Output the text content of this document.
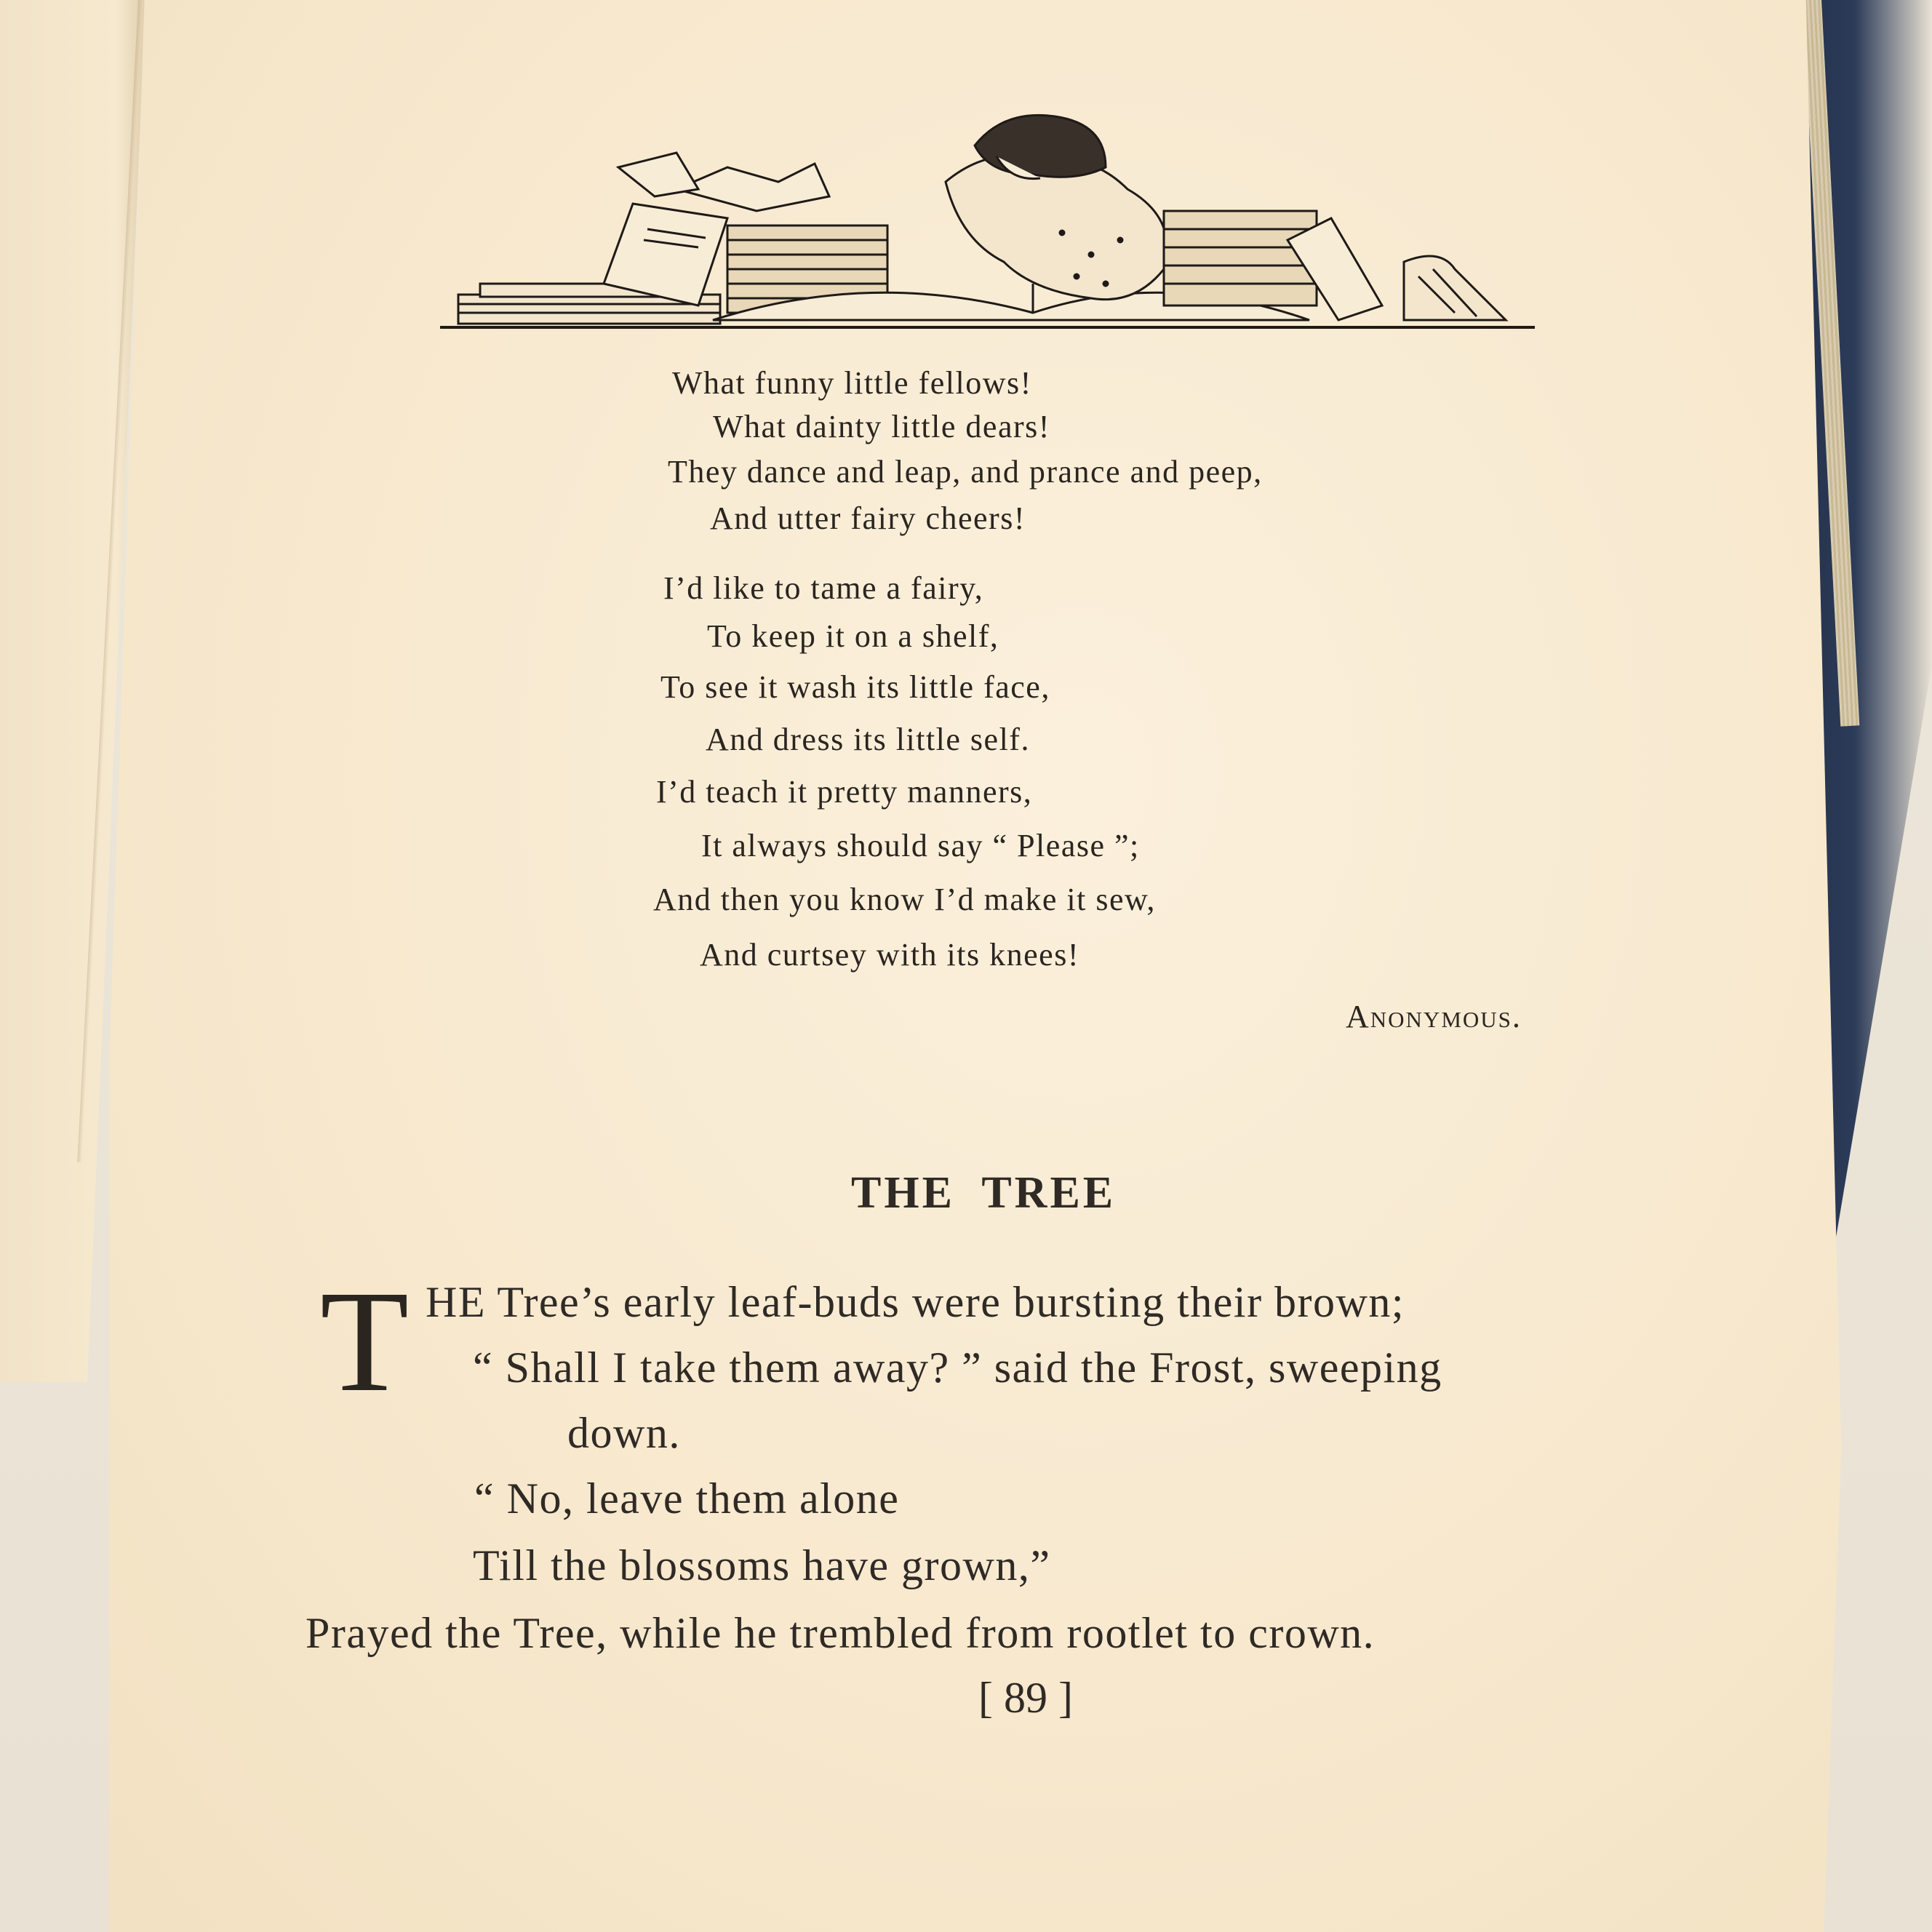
What funny little fellows!
What dainty little dears!
They dance and leap, and prance and peep,
And utter fairy cheers!
I’d like to tame a fairy,
To keep it on a shelf,
To see it wash its little face,
And dress its little self.
I’d teach it pretty manners,
It always should say “ Please ”;
And then you know I’d make it sew,
And curtsey with its knees!
Anonymous.
THE TREE
T HE Tree’s early leaf-buds were bursting their brown;
“ Shall I take them away? ” said the Frost, sweeping
down.
“ No, leave them alone
Till the blossoms have grown,”
Prayed the Tree, while he trembled from rootlet to crown.
[ 89 ]
